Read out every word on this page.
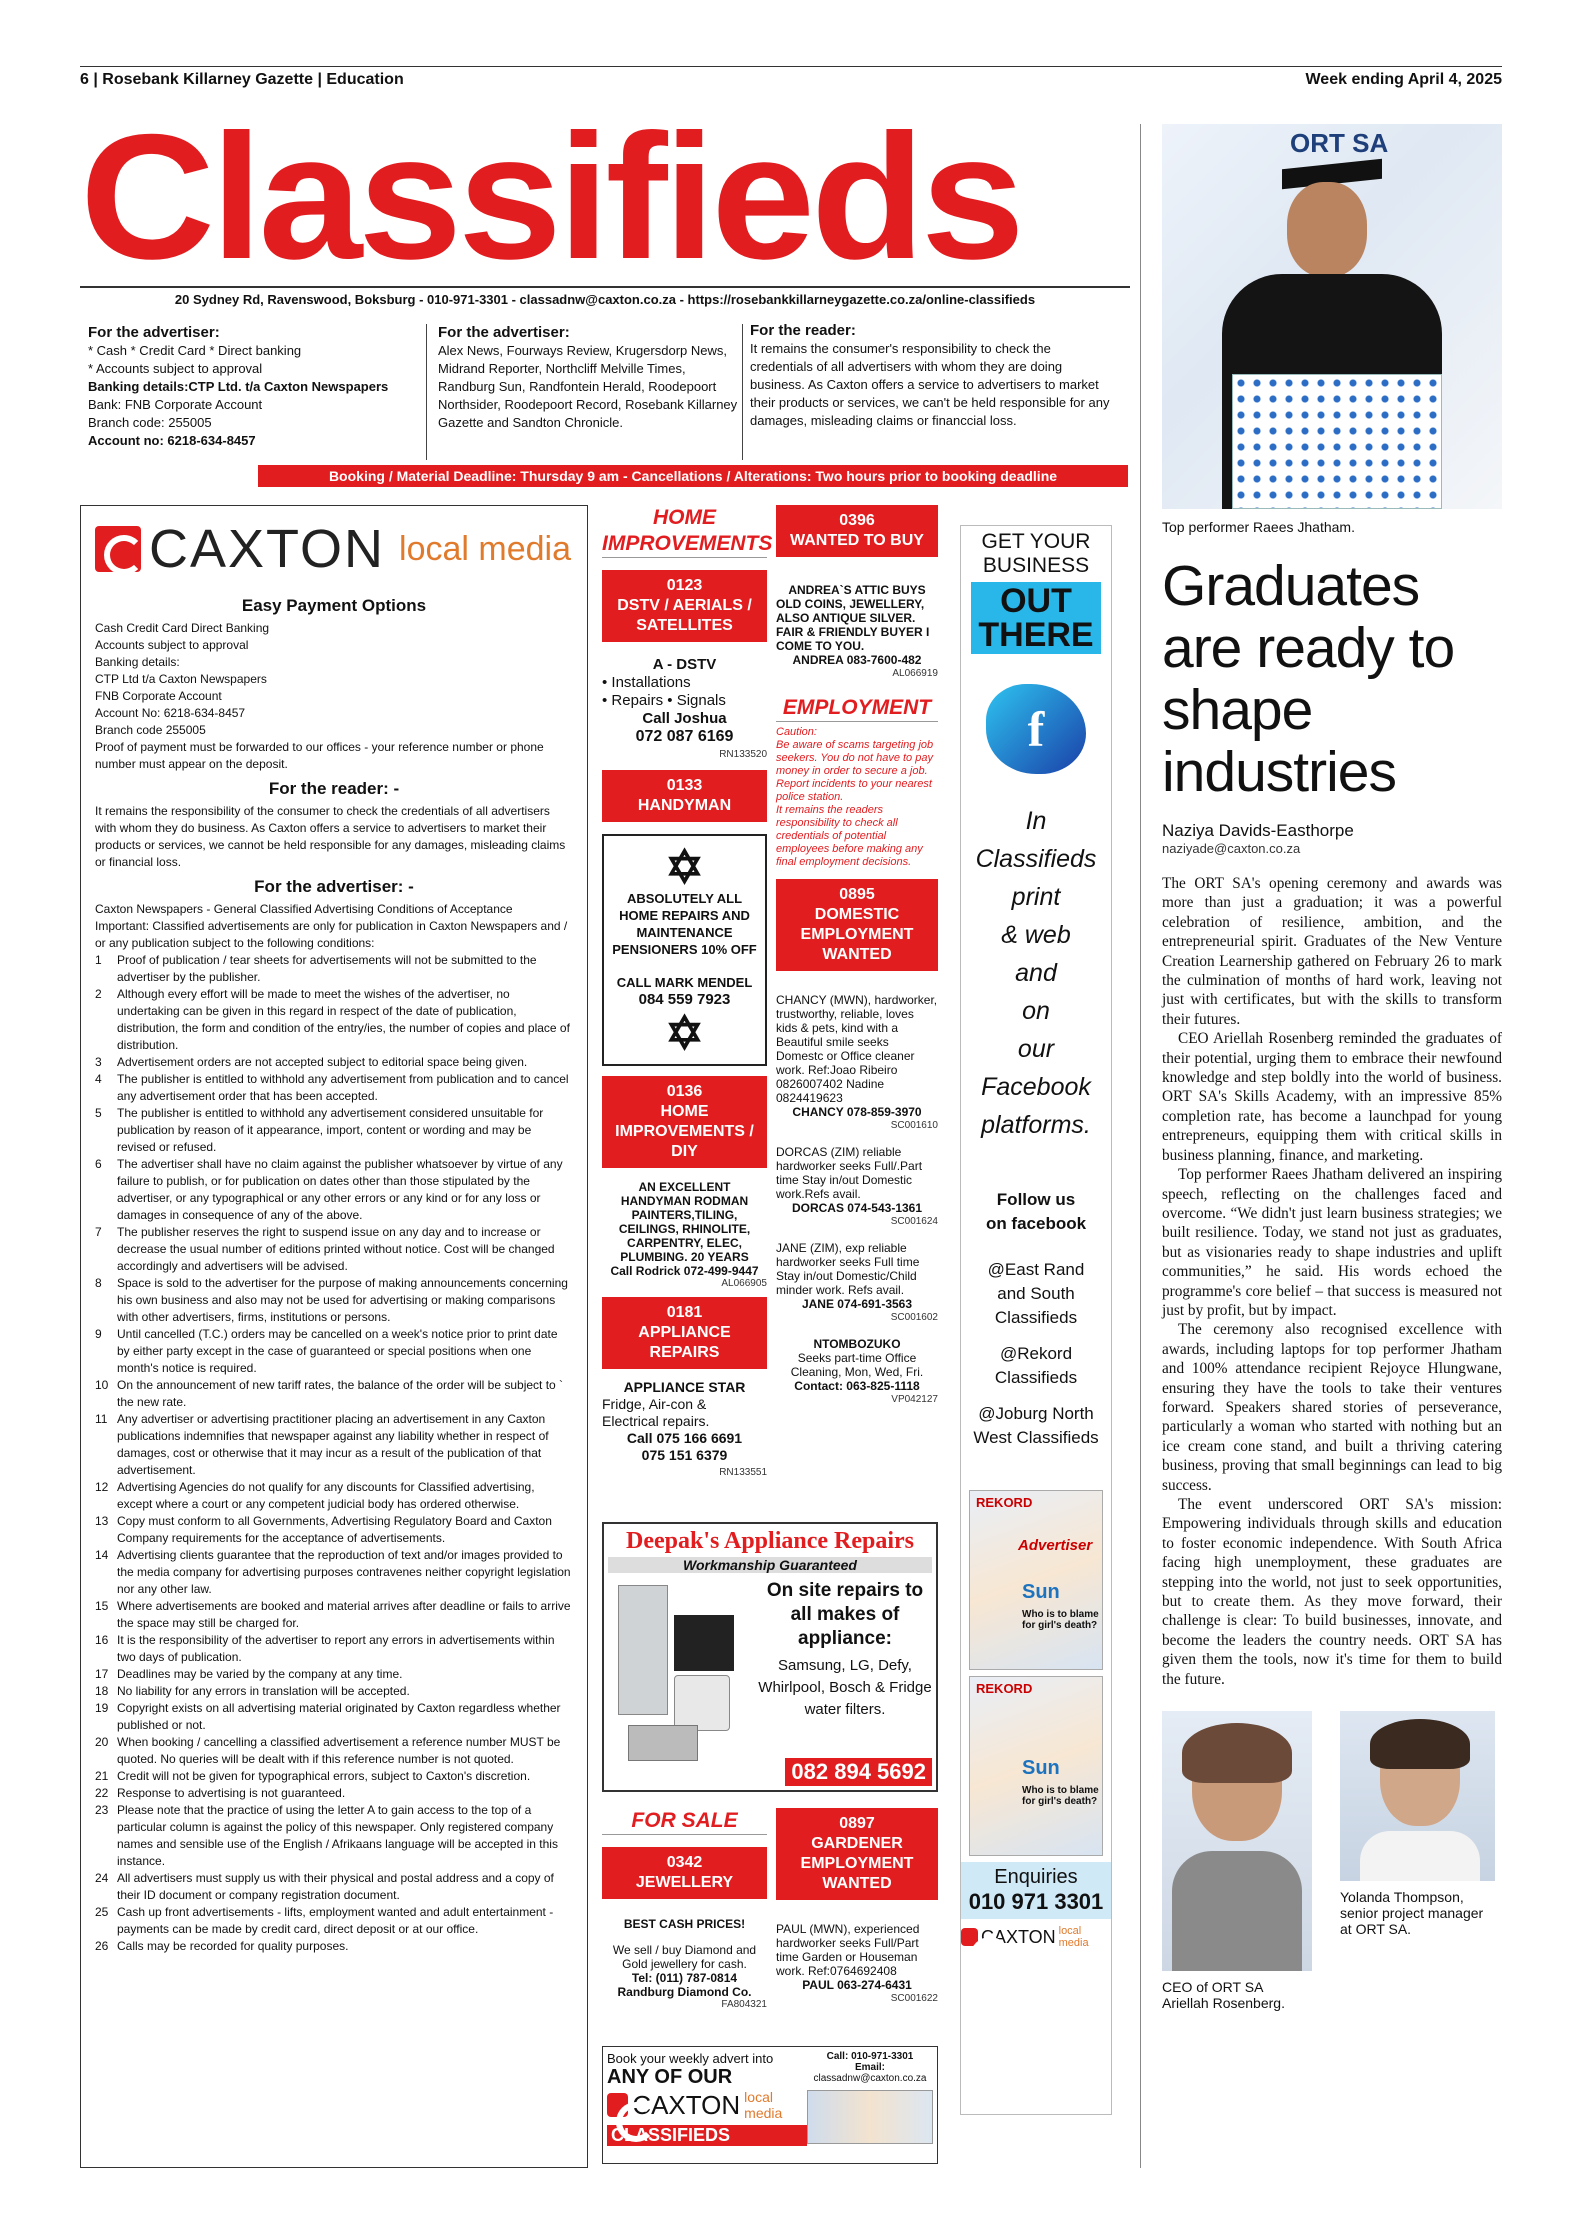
6 | Rosebank Killarney Gazette | Education	Week ending April 4, 2025
Classifieds
20 Sydney Rd, Ravenswood, Boksburg - 010-971-3301 - classadnw@caxton.co.za - https://rosebankkillarneygazette.co.za/online-classifieds
For the advertiser:
* Cash * Credit Card * Direct banking
* Accounts subject to approval
Banking details:CTP Ltd. t/a Caxton Newspapers
Bank: FNB Corporate Account
Branch code: 255005
Account no: 6218-634-8457
For the advertiser:
Alex News, Fourways Review, Krugersdorp News, Midrand Reporter, Northcliff Melville Times, Randburg Sun, Randfontein Herald, Roodepoort Northsider, Roodepoort Record, Rosebank Killarney Gazette and Sandton Chronicle.
For the reader:
It remains the consumer's responsibility to check the credentials of all advertisers with whom they are doing business. As Caxton offers a service to advertisers to market their products or services, we can't be held responsible for any damages, misleading claims or financcial loss.
Booking / Material Deadline: Thursday 9 am - Cancellations / Alterations: Two hours prior to booking deadline
CAXTON local media
Easy Payment Options
Cash Credit Card Direct Banking
Accounts subject to approval
Banking details:
CTP Ltd t/a Caxton Newspapers
FNB Corporate Account
Account No: 6218-634-8457
Branch code 255005
Proof of payment must be forwarded to our offices - your reference number or phone number must appear on the deposit.
For the reader: -
It remains the responsibility of the consumer to check the credentials of all advertisers with whom they do business. As Caxton offers a service to advertisers to market their products or services, we cannot be held responsible for any damages, misleading claims or financial loss.
For the advertiser: -
Caxton Newspapers - General Classified Advertising Conditions of Acceptance
Important: Classified advertisements are only for publication in Caxton Newspapers and / or any publication subject to the following conditions:
1	Proof of publication / tear sheets for advertisements will not be submitted to the advertiser by the publisher.
2	Although every effort will be made to meet the wishes of the advertiser, no undertaking can be given in this regard in respect of the date of publication, distribution, the form and condition of the entry/ies, the number of copies and place of distribution.
3	Advertisement orders are not accepted subject to editorial space being given.
4	The publisher is entitled to withhold any advertisement from publication and to cancel any advertisement order that has been accepted.
5	The publisher is entitled to withhold any advertisement considered unsuitable for publication by reason of it appearance, import, content or wording and may be revised or refused.
6	The advertiser shall have no claim against the publisher whatsoever by virtue of any failure to publish, or for publication on dates other than those stipulated by the advertiser, or any typographical or any other errors or any kind or for any loss or damages in consequence of any of the above.
7	The publisher reserves the right to suspend issue on any day and to increase or decrease the usual number of editions printed without notice. Cost will be changed accordingly and advertisers will be advised.
8	Space is sold to the advertiser for the purpose of making announcements concerning his own business and also may not be used for advertising or making comparisons with other advertisers, firms, institutions or persons.
9	Until cancelled (T.C.) orders may be cancelled on a week's notice prior to print date by either party except in the case of guaranteed or special positions when one month's notice is required.
10 On the announcement of new tariff rates, the balance of the order will be subject to ` the new rate.
11 Any advertiser or advertising practitioner placing an advertisement in any Caxton publications indemnifies that newspaper against any liability whether in respect of damages, cost or otherwise that it may incur as a result of the publication of that advertisement.
12 Advertising Agencies do not qualify for any discounts for Classified advertising, except where a court or any competent judicial body has ordered otherwise.
13 Copy must conform to all Governments, Advertising Regulatory Board and Caxton Company requirements for the acceptance of advertisements.
14 Advertising clients guarantee that the reproduction of text and/or images provided to the media company for advertising purposes contravenes neither copyright legislation nor any other law.
15 Where advertisements are booked and material arrives after deadline or fails to arrive the space may still be charged for.
16 It is the responsibility of the advertiser to report any errors in advertisements within two days of publication.
17 Deadlines may be varied by the company at any time.
18 No liability for any errors in translation will be accepted.
19 Copyright exists on all advertising material originated by Caxton regardless whether published or not.
20 When booking / cancelling a classified advertisement a reference number MUST be quoted. No queries will be dealt with if this reference number is not quoted.
21 Credit will not be given for typographical errors, subject to Caxton's discretion.
22 Response to advertising is not guaranteed.
23 Please note that the practice of using the letter A to gain access to the top of a particular column is against the policy of this newspaper. Only registered company names and sensible use of the English / Afrikaans language will be accepted in this instance.
24 All advertisers must supply us with their physical and postal address and a copy of their ID document or company registration document.
25 Cash up front advertisements - lifts, employment wanted and adult entertainment - payments can be made by credit card, direct deposit or at our office.
26 Calls may be recorded for quality purposes.
HOME IMPROVEMENTS
0123
DSTV / AERIALS / SATELLITES
A - DSTV
• Installations
• Repairs • Signals
Call Joshua
072 087 6169
RN133520
0133
HANDYMAN
✡
ABSOLUTELY ALL HOME REPAIRS AND MAINTENANCE PENSIONERS 10% OFF
CALL MARK MENDEL
084 559 7923
✡
0136
HOME IMPROVEMENTS / DIY
AN EXCELLENT HANDYMAN RODMAN PAINTERS,TILING, CEILINGS, RHINOLITE, CARPENTRY, ELEC, PLUMBING. 20 YEARS
Call Rodrick 072-499-9447
AL066905
0181
APPLIANCE REPAIRS
APPLIANCE STAR
Fridge, Air-con &
Electrical repairs.
Call 075 166 6691
075 151 6379
RN133551
Deepak's Appliance Repairs
Workmanship Guaranteed
On site repairs to all makes of appliance:
Samsung, LG, Defy, Whirlpool, Bosch & Fridge water filters.
082 894 5692
FOR SALE
0342
JEWELLERY
BEST CASH PRICES!
We sell / buy Diamond and Gold jewellery for cash.
Tel: (011) 787-0814
Randburg Diamond Co.
FA804321
0396
WANTED TO BUY
ANDREA`S ATTIC BUYS
OLD COINS, JEWELLERY, ALSO ANTIQUE SILVER. FAIR & FRIENDLY BUYER I COME TO YOU.
ANDREA 083-7600-482
AL066919
EMPLOYMENT
Caution:
Be aware of scams targeting job seekers. You do not have to pay money in order to secure a job. Report incidents to your nearest police station.
It remains the readers responsibility to check all credentials of potential employees before making any final employment decisions.
0895
DOMESTIC EMPLOYMENT WANTED
CHANCY (MWN), hardworker, trustworthy, reliable, loves kids & pets, kind with a Beautiful smile seeks Domestc or Office cleaner work. Ref:Joao Ribeiro 0826007402 Nadine 0824419623
CHANCY 078-859-3970
SC001610
DORCAS (ZIM) reliable hardworker seeks Full/.Part time Stay in/out Domestic work.Refs avail.
DORCAS 074-543-1361
SC001624
JANE (ZIM), exp reliable hardworker seeks Full time Stay in/out Domestic/Child minder work. Refs avail.
JANE 074-691-3563
SC001602
NTOMBOZUKO
Seeks part-time Office Cleaning, Mon, Wed, Fri.
Contact: 063-825-1118
VP042127
0897
GARDENER EMPLOYMENT WANTED
PAUL (MWN), experienced hardworker seeks Full/Part time Garden or Houseman work. Ref:0764692408
PAUL 063-274-6431
SC001622
Book your weekly advert into
ANY OF OUR
CAXTON local media
CLASSIFIEDS
Call: 010-971-3301
Email:
classadnw@caxton.co.za
GET YOUR
BUSINESS
OUT
THERE
f
In
Classifieds
print
& web
and
on
our
Facebook
platforms.
Follow us
on facebook
@East Rand
and South
Classifieds
@Rekord
Classifieds
@Joburg North
West Classifieds
REKORD
Advertiser
Sun
Who is to blame for girl's death?
REKORD
Sun
Who is to blame for girl's death?
Enquiries
010 971 3301
CAXTON local media
ORT SA
Top performer Raees Jhatham.
Graduates are ready to shape industries
Naziya Davids-Easthorpe
naziyade@caxton.co.za

The ORT SA's opening ceremony and awards was more than just a graduation; it was a powerful celebration of resilience, ambition, and the entrepreneurial spirit. Graduates of the New Venture Creation Learnership gathered on February 26 to mark the culmination of months of hard work, leaving not just with certificates, but with the skills to transform their futures.

CEO Ariellah Rosenberg reminded the graduates of their potential, urging them to embrace their newfound knowledge and step boldly into the world of business. ORT SA's Skills Academy, with an impressive 85% completion rate, has become a launchpad for young entrepreneurs, equipping them with critical skills in business planning, finance, and marketing.

Top performer Raees Jhatham delivered an inspiring speech, reflecting on the challenges faced and overcome. “We didn't just learn business strategies; we built resilience. Today, we stand not just as graduates, but as visionaries ready to shape industries and uplift communities,” he said. His words echoed the programme's core belief – that success is measured not just by profit, but by impact.

The ceremony also recognised excellence with awards, including laptops for top performer Jhatham and 100% attendance recipient Rejoyce Hlungwane, ensuring they have the tools to take their ventures forward. Speakers shared stories of perseverance, particularly a woman who started with nothing but an ice cream cone stand, and built a thriving catering business, proving that small beginnings can lead to big success.

The event underscored ORT SA's mission: Empowering individuals through skills and education to foster economic independence. With South Africa facing high unemployment, these graduates are stepping into the world, not just to seek opportunities, but to create them. As they move forward, their challenge is clear: To build businesses, innovate, and become the leaders the country needs. ORT SA has given them the tools, now it's time for them to build the future.

CEO of ORT SA Ariellah Rosenberg.
Yolanda Thompson, senior project manager at ORT SA.
